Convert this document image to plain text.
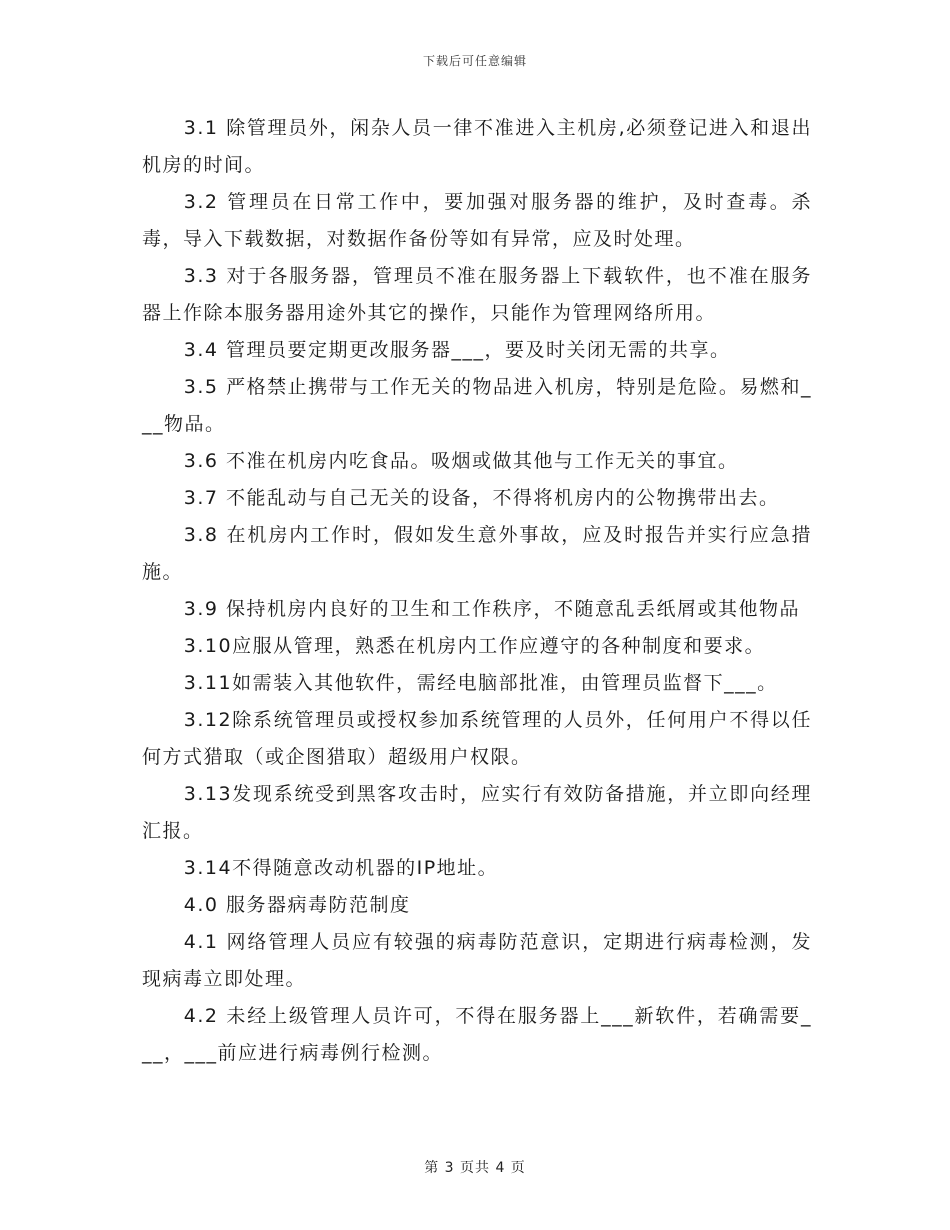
下载后可任意编辑

3.1 除管理员外，闲杂人员一律不准进入主机房,必须登记进入和退出机房的时间。

3.2 管理员在日常工作中，要加强对服务器的维护，及时查毒。杀毒，导入下载数据，对数据作备份等如有异常，应及时处理。

3.3 对于各服务器，管理员不准在服务器上下载软件，也不准在服务器上作除本服务器用途外其它的操作，只能作为管理网络所用。

3.4 管理员要定期更改服务器___，要及时关闭无需的共享。

3.5 严格禁止携带与工作无关的物品进入机房，特别是危险。易燃和___物品。

3.6 不准在机房内吃食品。吸烟或做其他与工作无关的事宜。

3.7 不能乱动与自己无关的设备，不得将机房内的公物携带出去。

3.8 在机房内工作时，假如发生意外事故，应及时报告并实行应急措施。

3.9 保持机房内良好的卫生和工作秩序，不随意乱丢纸屑或其他物品

3.10应服从管理，熟悉在机房内工作应遵守的各种制度和要求。

3.11如需装入其他软件，需经电脑部批准，由管理员监督下___。

3.12除系统管理员或授权参加系统管理的人员外，任何用户不得以任何方式猎取（或企图猎取）超级用户权限。

3.13发现系统受到黑客攻击时，应实行有效防备措施，并立即向经理汇报。

3.14不得随意改动机器的IP地址。

4.0 服务器病毒防范制度

4.1 网络管理人员应有较强的病毒防范意识，定期进行病毒检测，发现病毒立即处理。

4.2 未经上级管理人员许可，不得在服务器上___新软件，若确需要___，___前应进行病毒例行检测。

第 3 页共 4 页
